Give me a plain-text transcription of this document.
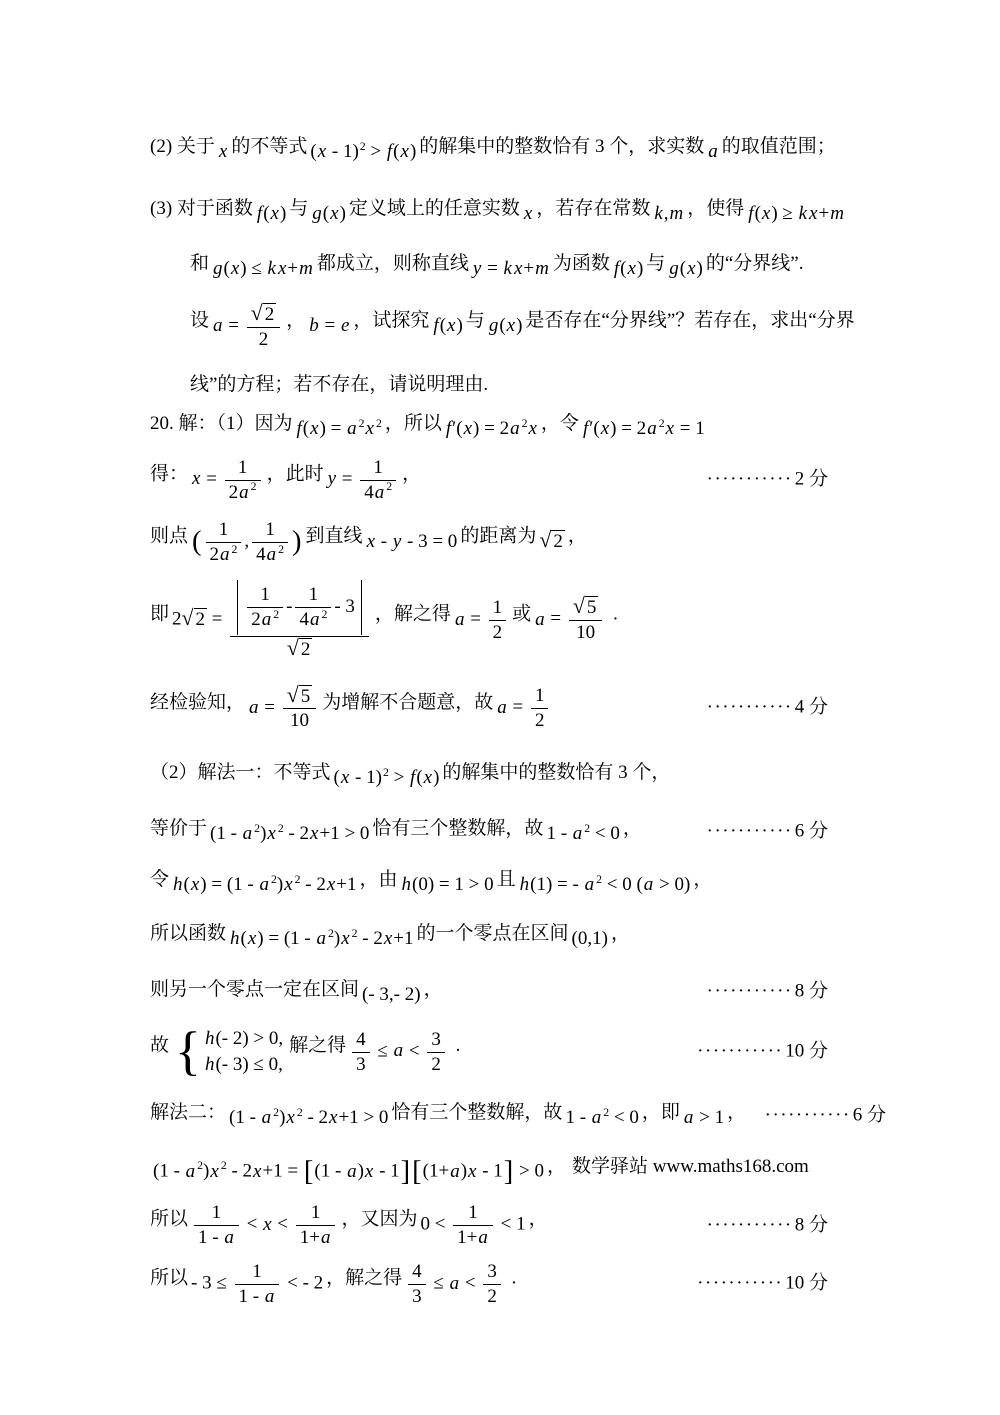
(2) 关于 x 的不等式 (x - 1)$^2$ > f(x) 的解集中的整数恰有 3 个，求实数 a 的取值范围；
(3) 对于函数 f(x) 与 g(x) 定义域上的任意实数 x ，若存在常数 k,m ，使得 f(x) ≥ k x+m
和 g(x) ≤ k x+m 都成立，则称直线 y = k x+m 为函数 f(x) 与 g(x) 的“分界线”.
设 $a = \frac{√ 2}{2}$ ， b = e ，试探究 f(x) 与 g(x) 是否存在“分界线”？若存在，求出“分界
线”的方程；若不存在，请说明理由.
20. 解：（1）因为 f(x) = a $^2$x $^2$ ，所以 f′(x) = 2a $^2$x ，令 f′(x) = 2a $^2$x = 1
得： $x = \frac{1}{2a ^2}$ ，此时 $y = \frac{1}{4a ^2}$ ，	··········· 2 分
则点 ( $\frac{1}{2a ^2}$ , $\frac{1}{4a ^2}$ ) 到直线 x - y - 3 = 0 的距离为 √ 2 ，
即 2√ $2 = \frac{\frac{1}{2a ^2} - \frac{1}{4a ^2} - 3}{√ 2}$ ，解之得 $a = \frac{1}{2}$ 或 $a = \frac{√ 5}{10}$ .
经检验知， $a = \frac{√ 5}{10}$ 为增解不合题意，故 $a = \frac{1}{2}$	··········· 4 分
（2）解法一：不等式 (x - 1)$^2$ > f(x) 的解集中的整数恰有 3 个，
等价于 (1 - a $^2$)x $^2$ - 2x+1 > 0 恰有三个整数解，故 1 - a $^2$ < 0 ，	··········· 6 分
令 h(x) = (1 - a $^2$)x $^2$ - 2x+1 ，由 h(0) = 1 > 0 且 h(1) = - a $^2$ < 0 (a > 0) ，
所以函数 h(x) = (1 - a $^2$)x $^2$ - 2x+1 的一个零点在区间 (0,1) ，
则另一个零点一定在区间 (- 3,- 2) ，	··········· 8 分
故 { h(- 2) > 0,
h(- 3) ≤ 0,
解之得 $\frac{4}{3} \le a < \frac{3}{2}$ .	··········· 10 分
解法二： (1 - a $^2$)x $^2$ - 2x+1 > 0 恰有三个整数解，故 1 - a $^2$ < 0 ，即 a > 1 ， ··········· 6 分
(1 - a $^2$)x $^2$ - 2x+1 = [(1 - a)x - 1][(1+a)x - 1] > 0 ， 数学驿站 www.maths168.com
所以 $\frac{1}{1 - a} < x < \frac{1}{1+a}$ ，又因为 $0 < \frac{1}{1+a} < 1$ ，	··········· 8 分
所以 - $3 \le \frac{1}{1 - a}$ < - 2 ，解之得 $\frac{4}{3} \le a < \frac{3}{2}$ .	··········· 10 分
